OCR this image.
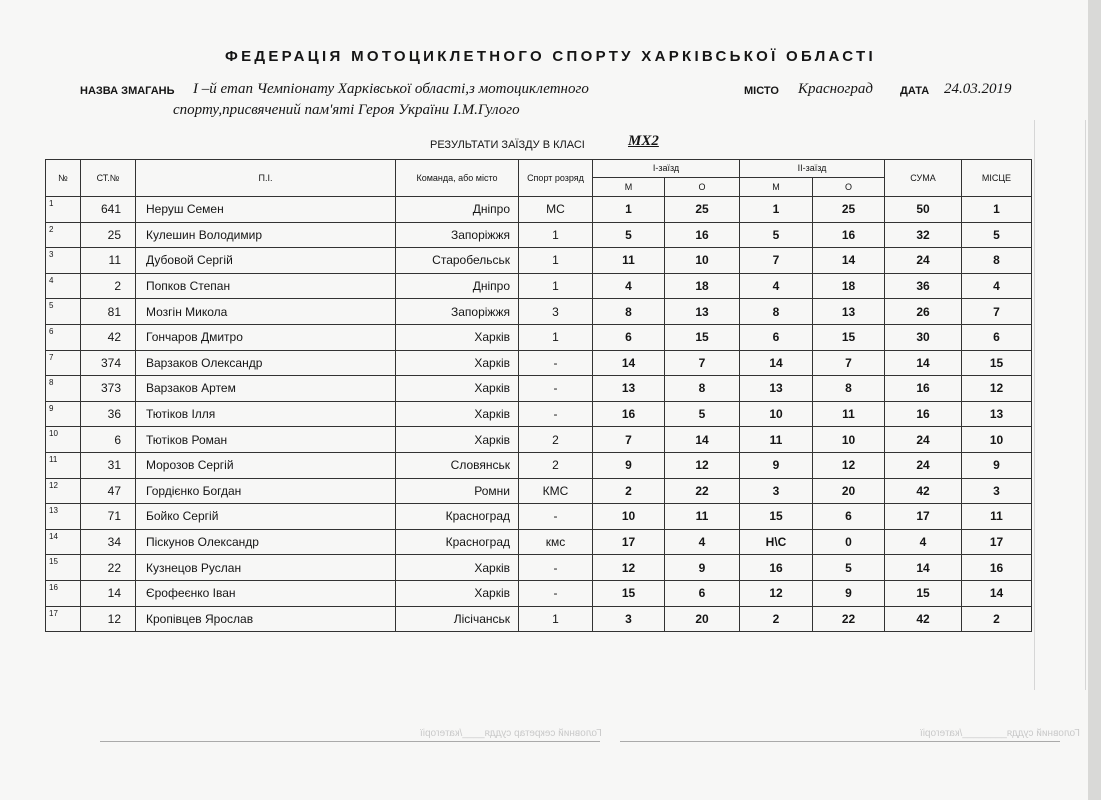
ФЕДЕРАЦІЯ МОТОЦИКЛЕТНОГО СПОРТУ ХАРКІВСЬКОЇ ОБЛАСТІ
НАЗВА ЗМАГАНЬ І –й етап Чемпіонату Харківської області,з мотоциклетного
спорту,присвячений пам'яті Героя України І.М.Гулого
МІСТО Красноград ДАТА 24.03.2019
РЕЗУЛЬТАТИ ЗАЇЗДУ В КЛАСІ	МХ2
№	СТ.№	П.І.	Команда, або місто	Спорт розряд	І-заїзд		ІІ-заїзд		СУМА	МІСЦЕ
					М	О	М	О		
1	641	Неруш Семен	Дніпро	МС	1	25	1	25	50	1
2	25	Кулешин Володимир	Запоріжжя	1	5	16	5	16	32	5
3	11	Дубовой Сергій	Старобельськ	1	11	10	7	14	24	8
4	2	Попков Степан	Дніпро	1	4	18	4	18	36	4
5	81	Мозгін Микола	Запоріжжя	3	8	13	8	13	26	7
6	42	Гончаров Дмитро	Харків	1	6	15	6	15	30	6
7	374	Варзаков Олександр	Харків	-	14	7	14	7	14	15
8	373	Варзаков Артем	Харків	-	13	8	13	8	16	12
9	36	Тютіков Ілля	Харків	-	16	5	10	11	16	13
10	6	Тютіков Роман	Харків	2	7	14	11	10	24	10
11	31	Морозов Сергій	Словянськ	2	9	12	9	12	24	9
12	47	Гордієнко Богдан	Ромни	КМС	2	22	3	20	42	3
13	71	Бойко Сергій	Красноград	-	10	11	15	6	17	11
14	34	Піскунов Олександр	Красноград	кмс	17	4	Н\С	0	4	17
15	22	Кузнецов Руслан	Харків	-	12	9	16	5	14	16
16	14	Єрофеєнко Іван	Харків	-	15	6	12	9	15	14
17	12	Кропівцев Ярослав	Лісічанськ	1	3	20	2	22	42	2
Головний суддя________/категорії
Головний секретар суддя____/категорії
